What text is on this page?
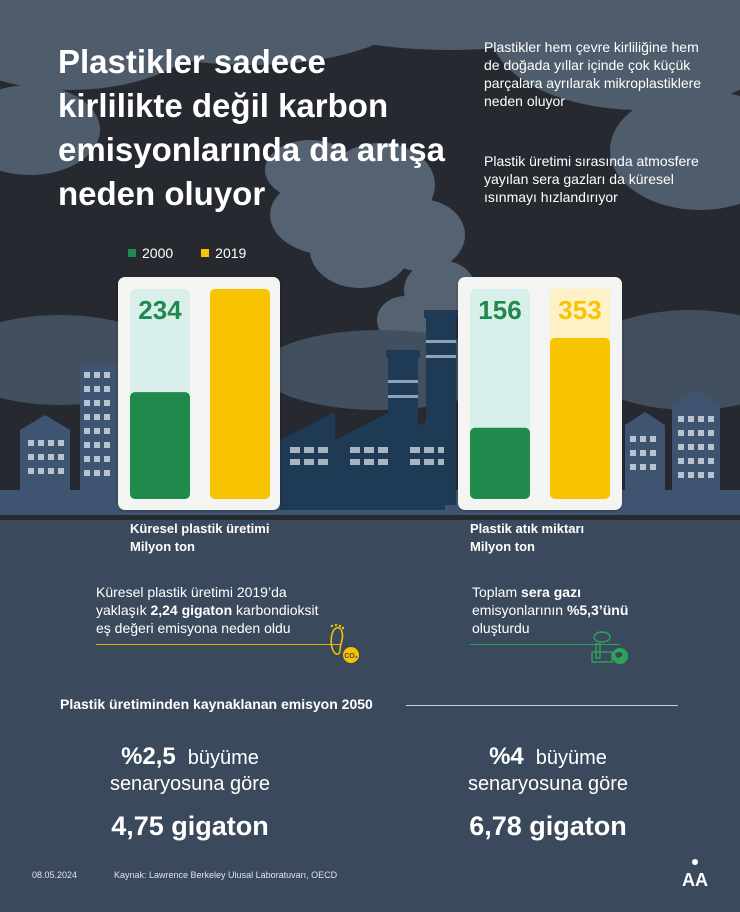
Plastikler sadece kirlilikte değil karbon emisyonlarında da artışa neden oluyor

Plastikler hem çevre kirliliğine hem de doğada yıllar içinde çok küçük parçalara ayrılarak mikroplastiklere neden oluyor

Plastik üretimi sırasında atmosfere yayılan sera gazları da küresel ısınmayı hızlandırıyor

2000	2019
234 460
Küresel plastik üretimi
Milyon ton
156 353
Plastik atık miktarı
Milyon ton
Küresel plastik üretimi 2019’da
yaklaşık 2,24 gigaton karbondioksit
eş değeri emisyona neden oldu
CO₂
Toplam sera gazı
emisyonlarının %5,3’ünü
oluşturdu
Plastik üretiminden kaynaklanan emisyon 2050
%2,5 büyüme
senaryosuna göre
4,75 gigaton
%4 büyüme
senaryosuna göre
6,78 gigaton
08.05.2024	Kaynak: Lawrence Berkeley Ulusal Laboratuvarı, OECD	AA
